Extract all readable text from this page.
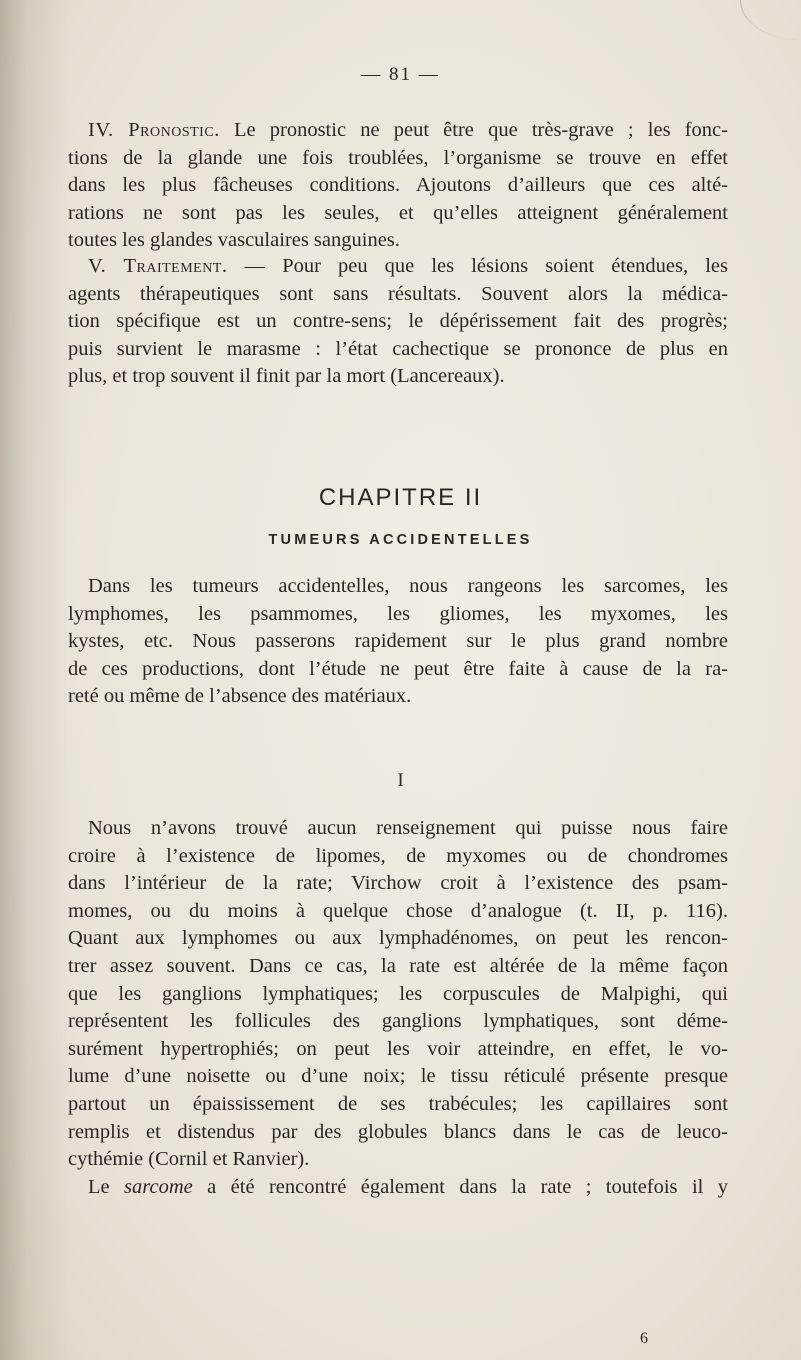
— 81 —
IV. Pronostic. Le pronostic ne peut être que très-grave ; les fonc-
tions de la glande une fois troublées, l’organisme se trouve en effet
dans les plus fâcheuses conditions. Ajoutons d’ailleurs que ces alté-
rations ne sont pas les seules, et qu’elles atteignent généralement
toutes les glandes vasculaires sanguines.
V. Traitement. — Pour peu que les lésions soient étendues, les
agents thérapeutiques sont sans résultats. Souvent alors la médica-
tion spécifique est un contre-sens; le dépérissement fait des progrès;
puis survient le marasme : l’état cachectique se prononce de plus en
plus, et trop souvent il finit par la mort (Lancereaux).
CHAPITRE II
TUMEURS ACCIDENTELLES
Dans les tumeurs accidentelles, nous rangeons les sarcomes, les
lymphomes, les psammomes, les gliomes, les myxomes, les
kystes, etc. Nous passerons rapidement sur le plus grand nombre
de ces productions, dont l’étude ne peut être faite à cause de la ra-
reté ou même de l’absence des matériaux.
I
Nous n’avons trouvé aucun renseignement qui puisse nous faire
croire à l’existence de lipomes, de myxomes ou de chondromes
dans l’intérieur de la rate; Virchow croit à l’existence des psam-
momes, ou du moins à quelque chose d’analogue (t. II, p. 116).
Quant aux lymphomes ou aux lymphadénomes, on peut les rencon-
trer assez souvent. Dans ce cas, la rate est altérée de la même façon
que les ganglions lymphatiques; les corpuscules de Malpighi, qui
représentent les follicules des ganglions lymphatiques, sont déme-
surément hypertrophiés; on peut les voir atteindre, en effet, le vo-
lume d’une noisette ou d’une noix; le tissu réticulé présente presque
partout un épaississement de ses trabécules; les capillaires sont
remplis et distendus par des globules blancs dans le cas de leuco-
cythémie (Cornil et Ranvier).
Le sarcome a été rencontré également dans la rate ; toutefois il y
6
